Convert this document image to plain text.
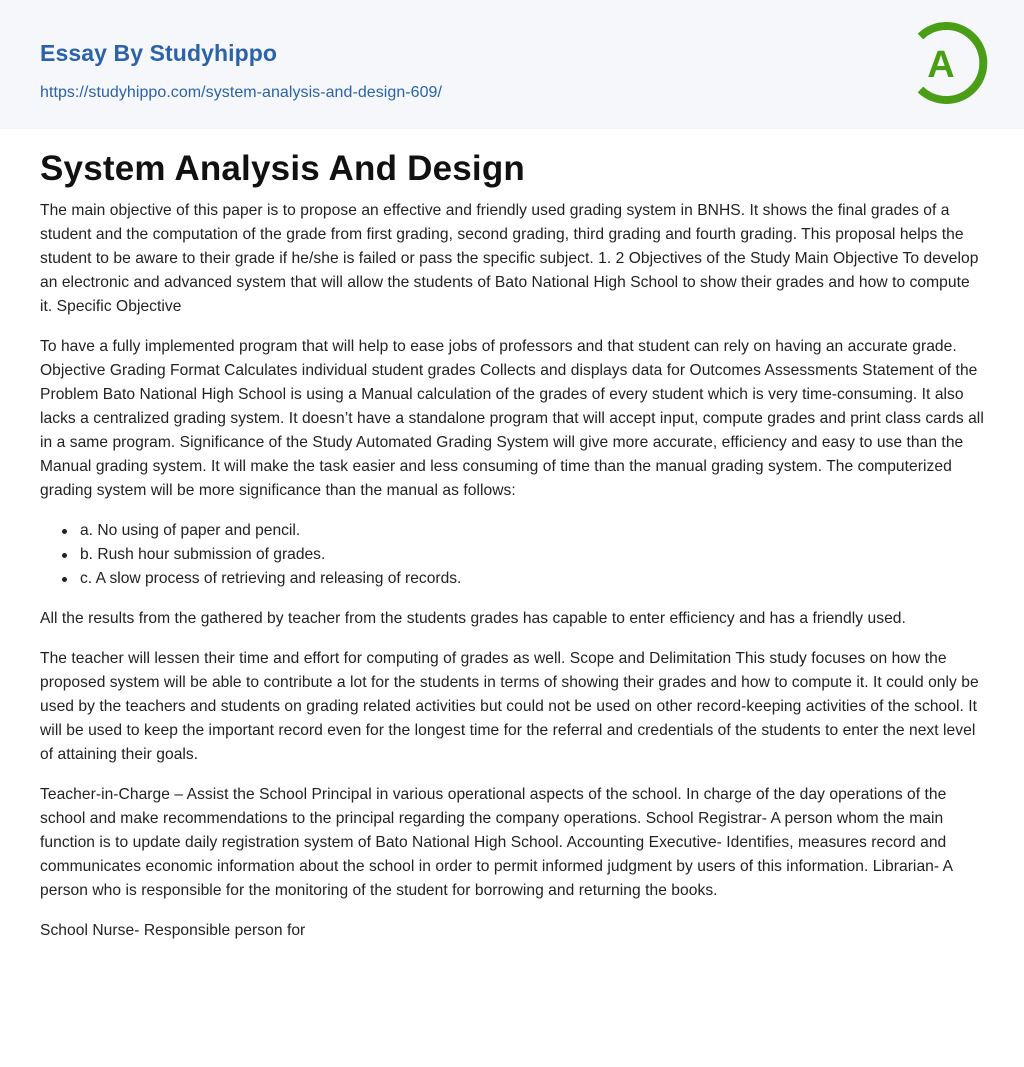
Essay By Studyhippo
https://studyhippo.com/system-analysis-and-design-609/
A
System Analysis And Design

The main objective of this paper is to propose an effective and friendly used grading system in BNHS. It shows the final grades of a student and the computation of the grade from first grading, second grading, third grading and fourth grading. This proposal helps the student to be aware to their grade if he/she is failed or pass the specific subject. 1. 2 Objectives of the Study Main Objective To develop an electronic and advanced system that will allow the students of Bato National High School to show their grades and how to compute it. Specific Objective

To have a fully implemented program that will help to ease jobs of professors and that student can rely on having an accurate grade. Objective Grading Format Calculates individual student grades Collects and displays data for Outcomes Assessments Statement of the Problem Bato National High School is using a Manual calculation of the grades of every student which is very time-consuming. It also lacks a centralized grading system. It doesn’t have a standalone program that will accept input, compute grades and print class cards all in a same program. Significance of the Study Automated Grading System will give more accurate, efficiency and easy to use than the Manual grading system. It will make the task easier and less consuming of time than the manual grading system. The computerized grading system will be more significance than the manual as follows:

a. No using of paper and pencil.
b. Rush hour submission of grades.
c. A slow process of retrieving and releasing of records.

All the results from the gathered by teacher from the students grades has capable to enter efficiency and has a friendly used.

The teacher will lessen their time and effort for computing of grades as well. Scope and Delimitation This study focuses on how the proposed system will be able to contribute a lot for the students in terms of showing their grades and how to compute it. It could only be used by the teachers and students on grading related activities but could not be used on other record-keeping activities of the school. It will be used to keep the important record even for the longest time for the referral and credentials of the students to enter the next level of attaining their goals.

Teacher-in-Charge – Assist the School Principal in various operational aspects of the school. In charge of the day operations of the school and make recommendations to the principal regarding the company operations. School Registrar- A person whom the main function is to update daily registration system of Bato National High School. Accounting Executive- Identifies, measures record and communicates economic information about the school in order to permit informed judgment by users of this information. Librarian- A person who is responsible for the monitoring of the student for borrowing and returning the books.

School Nurse- Responsible person for
